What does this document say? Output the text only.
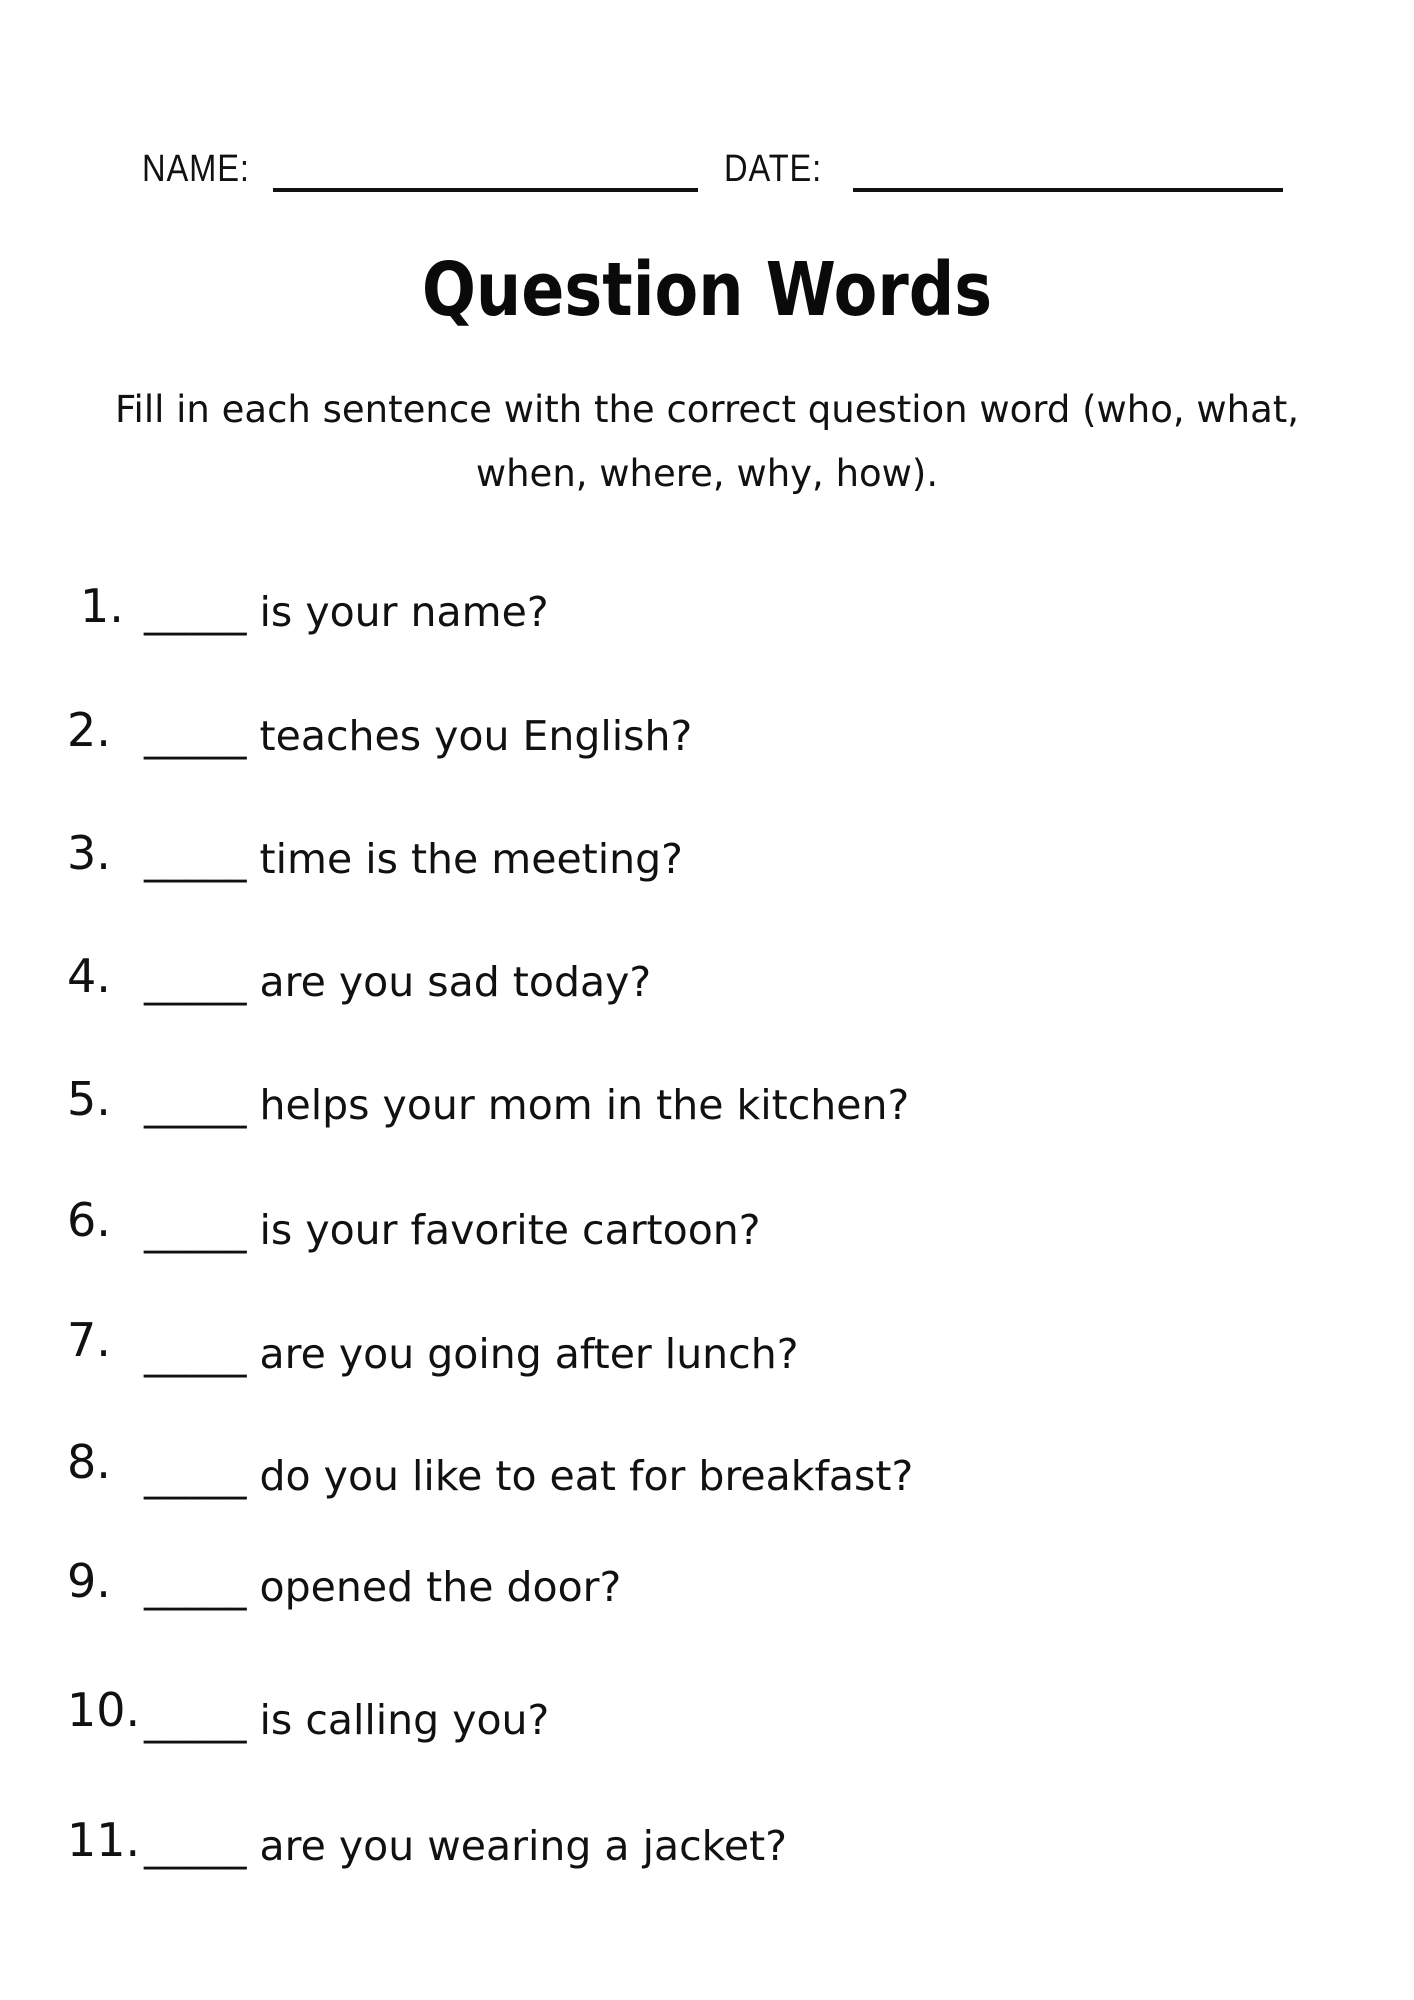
NAME:	DATE:
Question Words
Fill in each sentence with the correct question word (who, what,
when, where, why, how).
1. _____ is your name?
2. _____ teaches you English?
3. _____ time is the meeting?
4. _____ are you sad today?
5. _____ helps your mom in the kitchen?
6. _____ is your favorite cartoon?
7. _____ are you going after lunch?
8. _____ do you like to eat for breakfast?
9. _____ opened the door?
10. _____ is calling you?
11. _____ are you wearing a jacket?
